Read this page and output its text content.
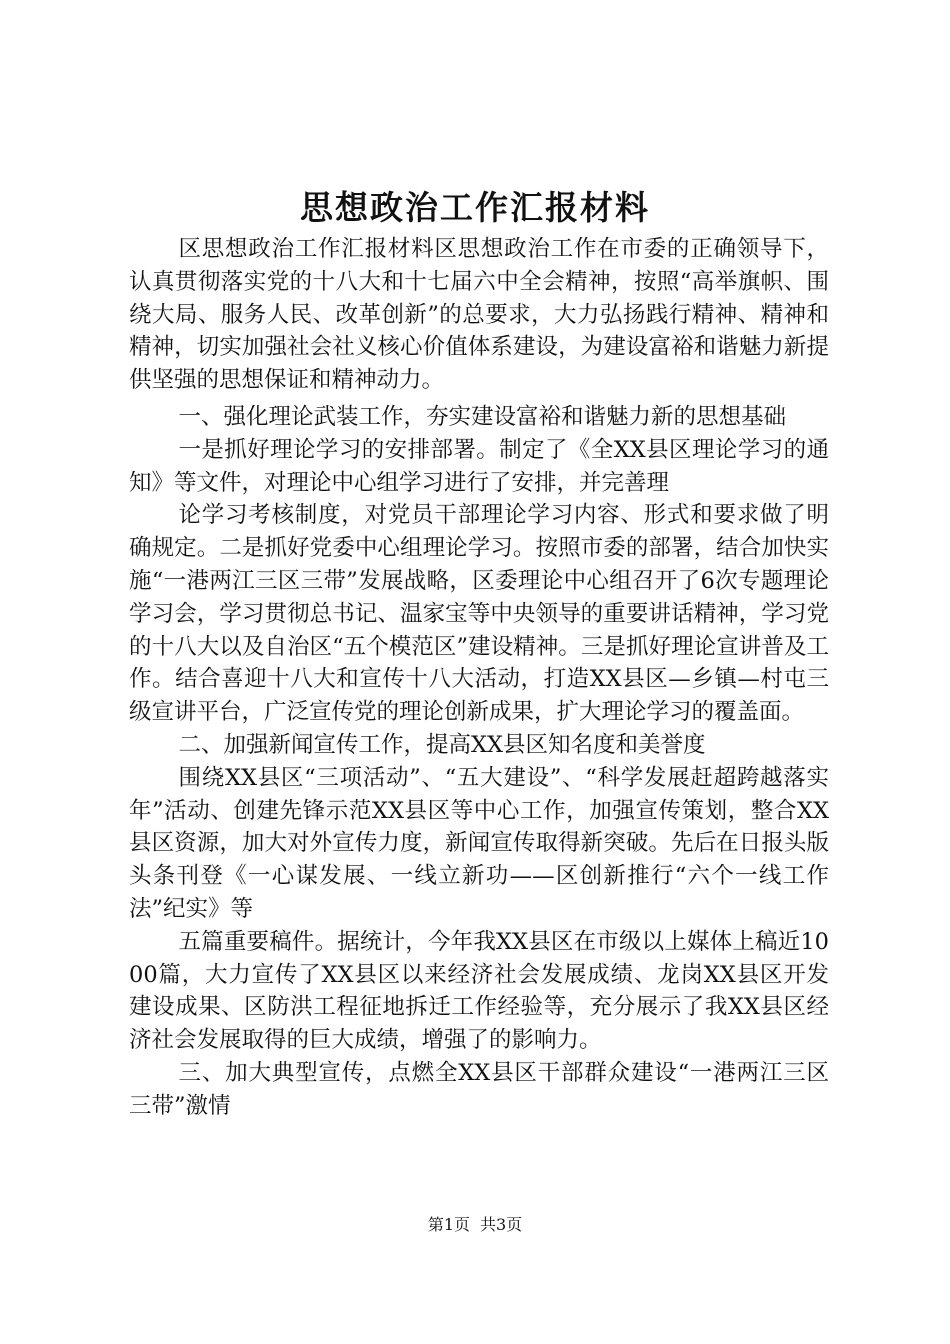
思想政治工作汇报材料

区思想政治工作汇报材料区思想政治工作在市委的正确领导下，认真贯彻落实党的十八大和十七届六中全会精神，按照“高举旗帜、围绕大局、服务人民、改革创新”的总要求，大力弘扬践行精神、精神和精神，切实加强社会社义核心价值体系建设，为建设富裕和谐魅力新提供坚强的思想保证和精神动力。

一、强化理论武装工作，夯实建设富裕和谐魅力新的思想基础

一是抓好理论学习的安排部署。制定了《全XX县区理论学习的通知》等文件，对理论中心组学习进行了安排，并完善理

论学习考核制度，对党员干部理论学习内容、形式和要求做了明确规定。二是抓好党委中心组理论学习。按照市委的部署，结合加快实施“一港两江三区三带”发展战略，区委理论中心组召开了6次专题理论学习会，学习贯彻总书记、温家宝等中央领导的重要讲话精神，学习党的十八大以及自治区“五个模范区”建设精神。三是抓好理论宣讲普及工作。结合喜迎十八大和宣传十八大活动，打造XX县区—乡镇—村屯三级宣讲平台，广泛宣传党的理论创新成果，扩大理论学习的覆盖面。

二、加强新闻宣传工作，提高XX县区知名度和美誉度

围绕XX县区“三项活动”、“五大建设”、“科学发展赶超跨越落实年”活动、创建先锋示范XX县区等中心工作，加强宣传策划，整合XX县区资源，加大对外宣传力度，新闻宣传取得新突破。先后在日报头版头条刊登《一心谋发展、一线立新功——区创新推行“六个一线工作法”纪实》等

五篇重要稿件。据统计，今年我XX县区在市级以上媒体上稿近1000篇，大力宣传了XX县区以来经济社会发展成绩、龙岗XX县区开发建设成果、区防洪工程征地拆迁工作经验等，充分展示了我XX县区经济社会发展取得的巨大成绩，增强了的影响力。

三、加大典型宣传，点燃全XX县区干部群众建设“一港两江三区三带”激情

第1页 共3页
